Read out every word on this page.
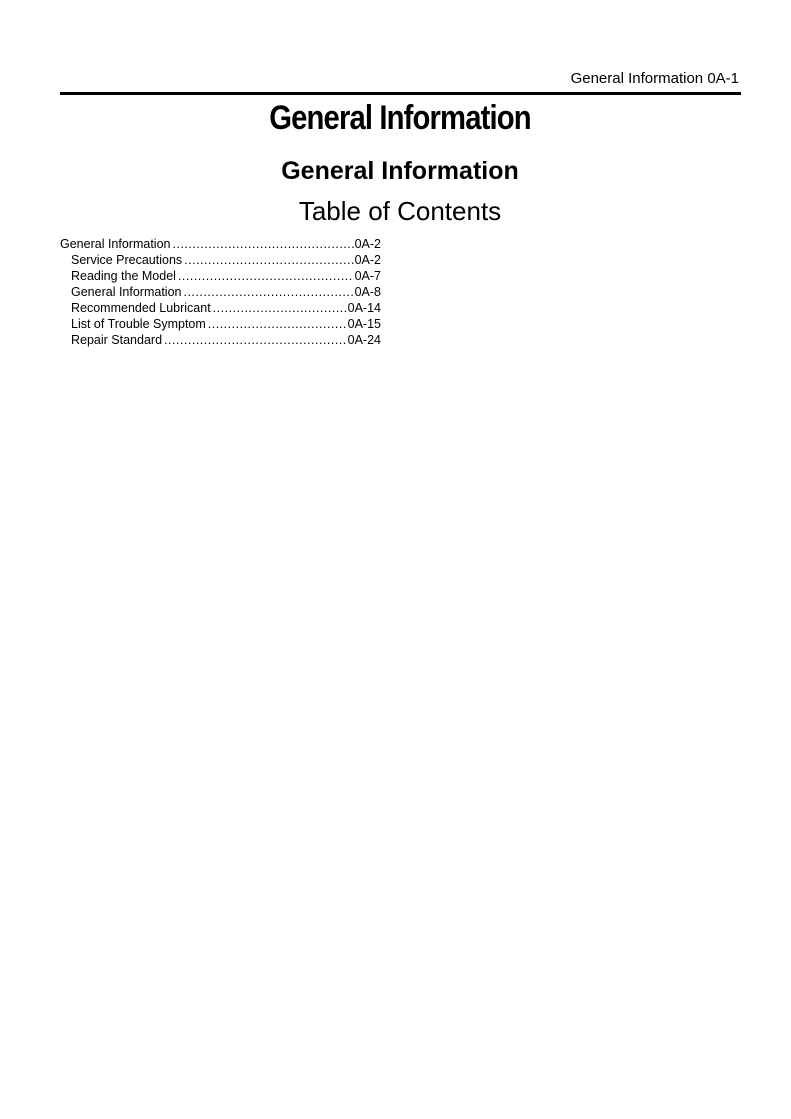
General Information 0A-1
General Information
General Information
Table of Contents
General Information .....	0A-2
Service Precautions .....	0A-2
Reading the Model .....	0A-7
General Information .....	0A-8
Recommended Lubricant .....	0A-14
List of Trouble Symptom .....	0A-15
Repair Standard .....	0A-24
